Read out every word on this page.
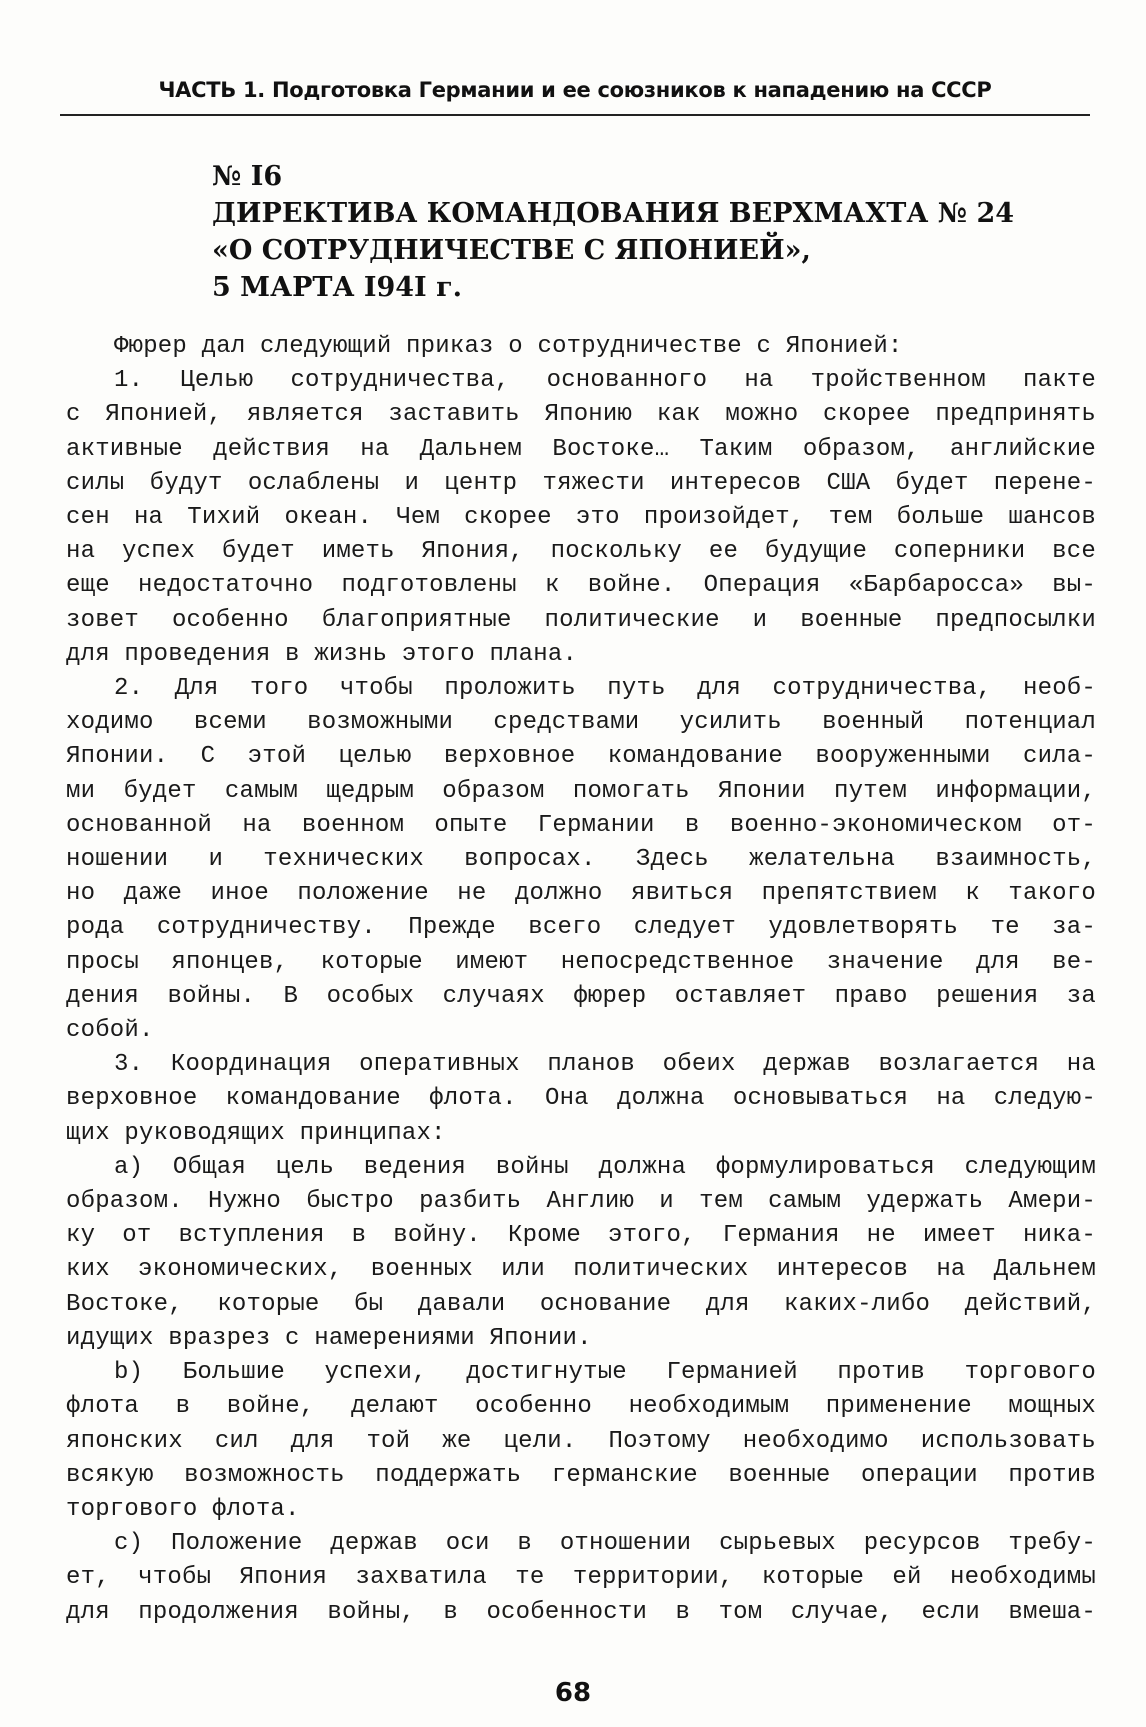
ЧАСТЬ 1. Подготовка Германии и ее союзников к нападению на СССР
№ I6
ДИРЕКТИВА КОМАНДОВАНИЯ ВЕРХМАХТА № 24
«О СОТРУДНИЧЕСТВЕ С ЯПОНИЕЙ»,
5 МАРТА I94I г.

Фюрер дал следующий приказ о сотрудничестве с Японией:

1. Целью сотрудничества, основанного на тройственном пакте

с Японией, является заставить Японию как можно скорее предпринять

активные действия на Дальнем Востоке… Таким образом, английские

силы будут ослаблены и центр тяжести интересов США будет перене-

сен на Тихий океан. Чем скорее это произойдет, тем больше шансов

на успех будет иметь Япония, поскольку ее будущие соперники все

еще недостаточно подготовлены к войне. Операция «Барбаросса» вы-

зовет особенно благоприятные политические и военные предпосылки

для проведения в жизнь этого плана.

2. Для того чтобы проложить путь для сотрудничества, необ-

ходимо всеми возможными средствами усилить военный потенциал

Японии. С этой целью верховное командование вооруженными сила-

ми будет самым щедрым образом помогать Японии путем информации,

основанной на военном опыте Германии в военно-экономическом от-

ношении и технических вопросах. Здесь желательна взаимность,

но даже иное положение не должно явиться препятствием к такого

рода сотрудничеству. Прежде всего следует удовлетворять те за-

просы японцев, которые имеют непосредственное значение для ве-

дения войны. В особых случаях фюрер оставляет право решения за

собой.

3. Координация оперативных планов обеих держав возлагается на

верховное командование флота. Она должна основываться на следую-

щих руководящих принципах:

а) Общая цель ведения войны должна формулироваться следующим

образом. Нужно быстро разбить Англию и тем самым удержать Амери-

ку от вступления в войну. Кроме этого, Германия не имеет ника-

ких экономических, военных или политических интересов на Дальнем

Востоке, которые бы давали основание для каких-либо действий,

идущих вразрез с намерениями Японии.

b) Большие успехи, достигнутые Германией против торгового

флота в войне, делают особенно необходимым применение мощных

японских сил для той же цели. Поэтому необходимо использовать

всякую возможность поддержать германские военные операции против

торгового флота.

c) Положение держав оси в отношении сырьевых ресурсов требу-

ет, чтобы Япония захватила те территории, которые ей необходимы

для продолжения войны, в особенности в том случае, если вмеша-

68
